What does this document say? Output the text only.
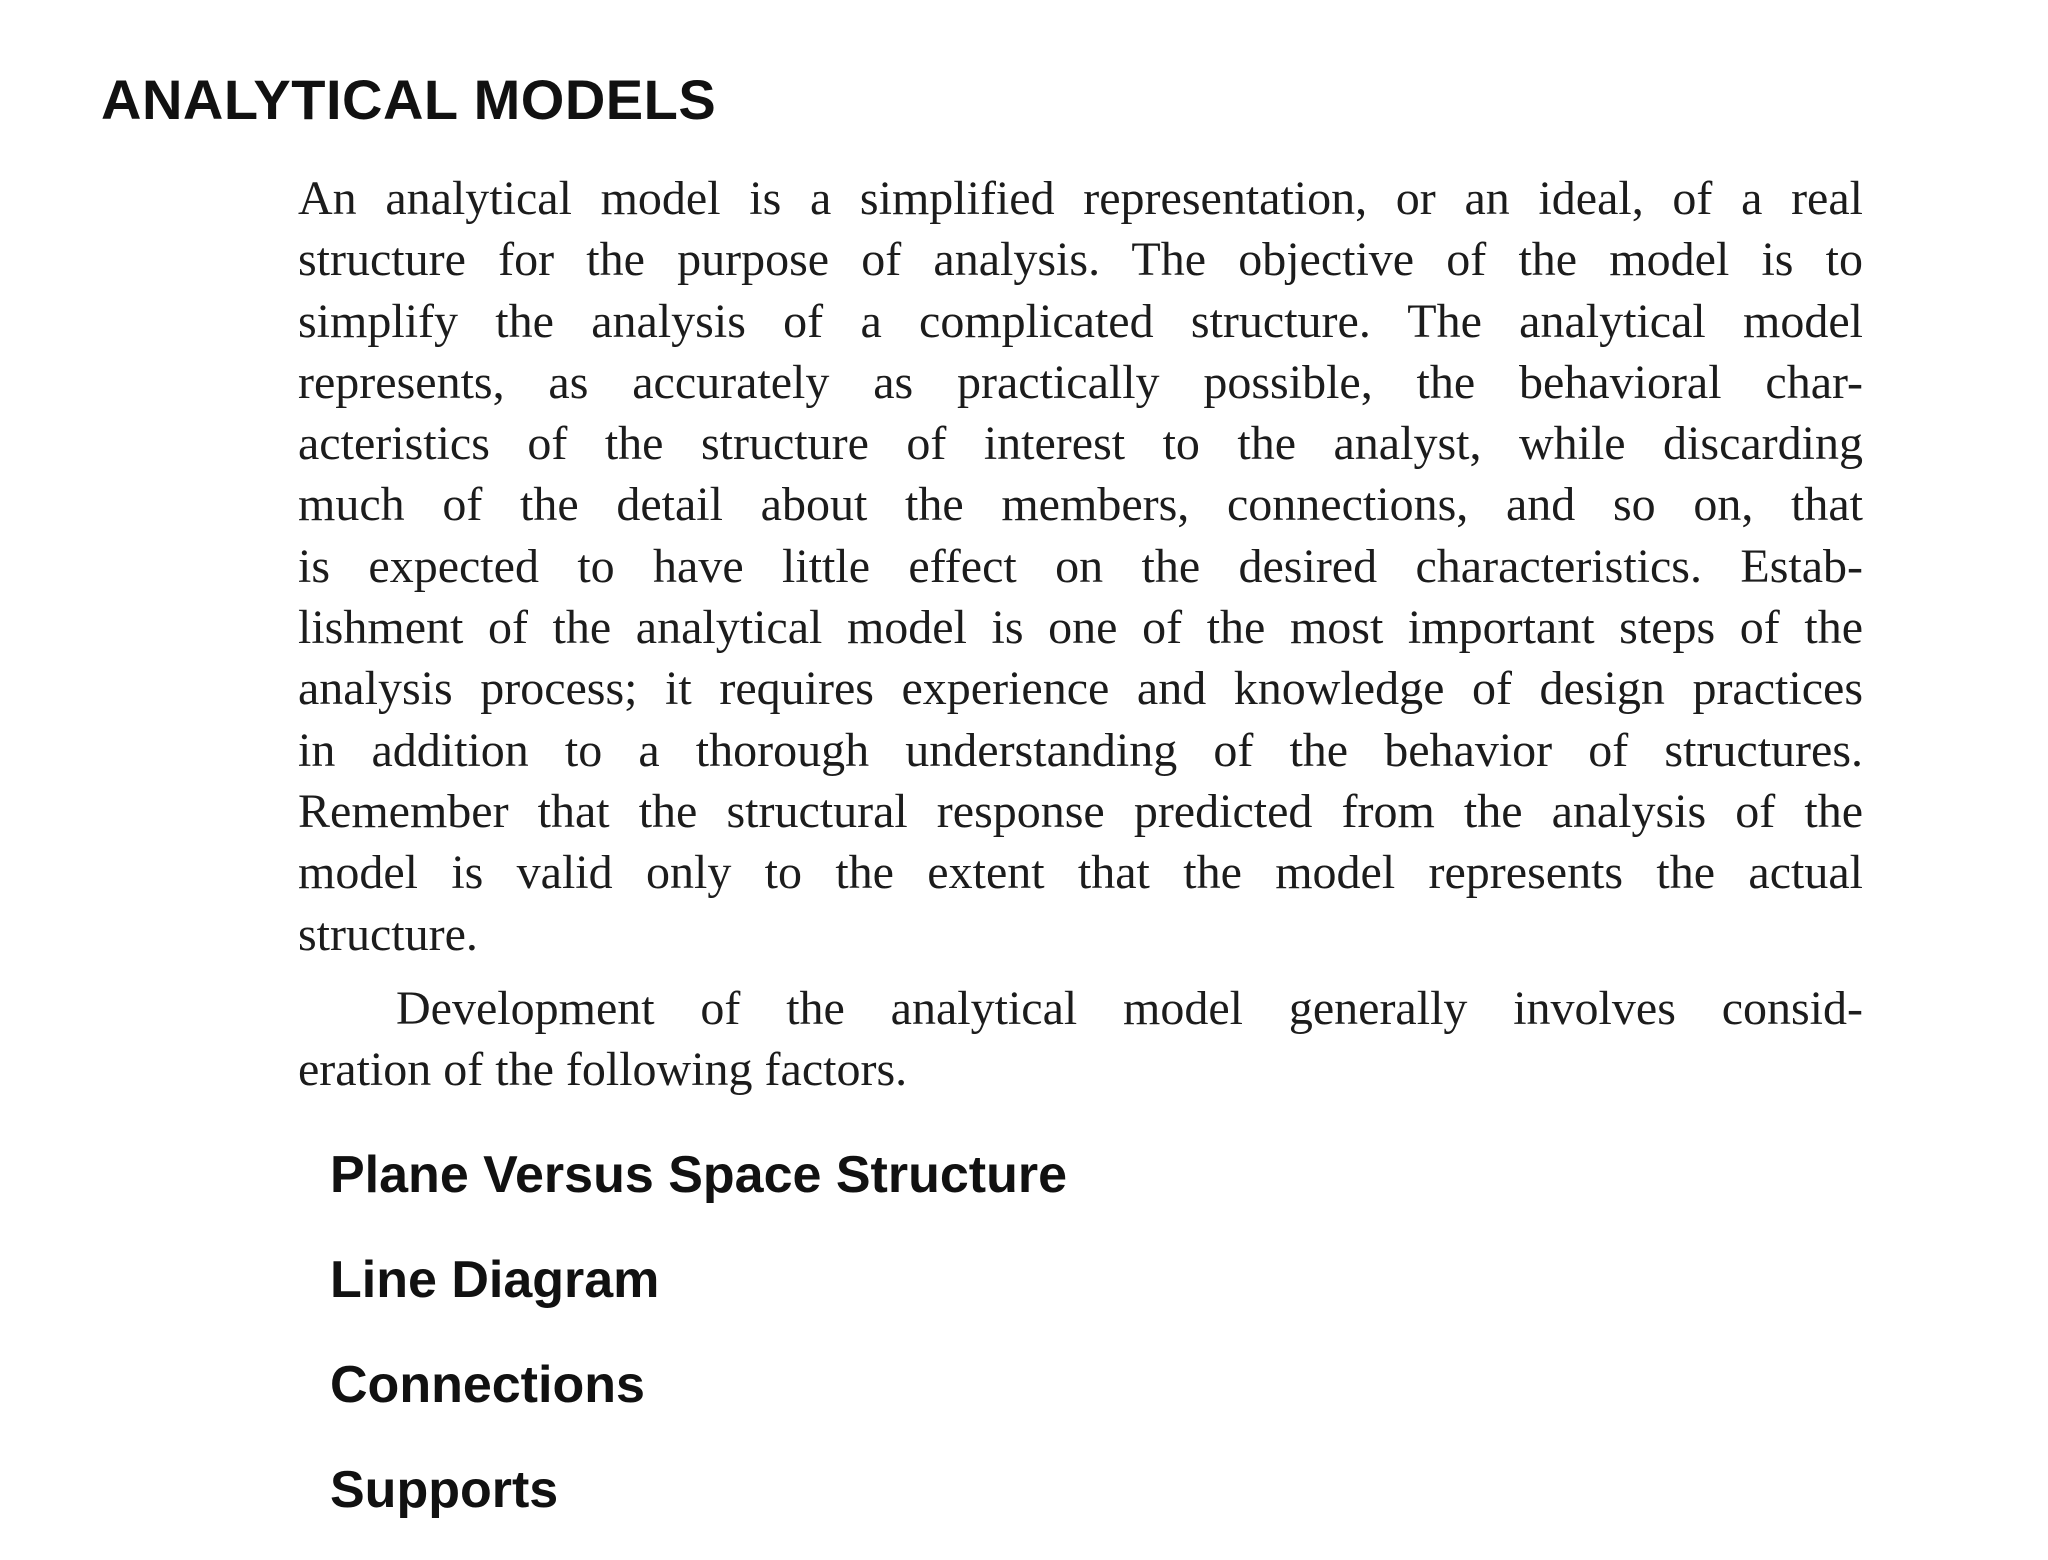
ANALYTICAL MODELS
An analytical model is a simplified representation, or an ideal, of a real
structure for the purpose of analysis. The objective of the model is to
simplify the analysis of a complicated structure. The analytical model
represents, as accurately as practically possible, the behavioral char-
acteristics of the structure of interest to the analyst, while discarding
much of the detail about the members, connections, and so on, that
is expected to have little effect on the desired characteristics. Estab-
lishment of the analytical model is one of the most important steps of the
analysis process; it requires experience and knowledge of design practices
in addition to a thorough understanding of the behavior of structures.
Remember that the structural response predicted from the analysis of the
model is valid only to the extent that the model represents the actual
structure.
Development of the analytical model generally involves consid-
eration of the following factors.
Plane Versus Space Structure
Line Diagram
Connections
Supports
